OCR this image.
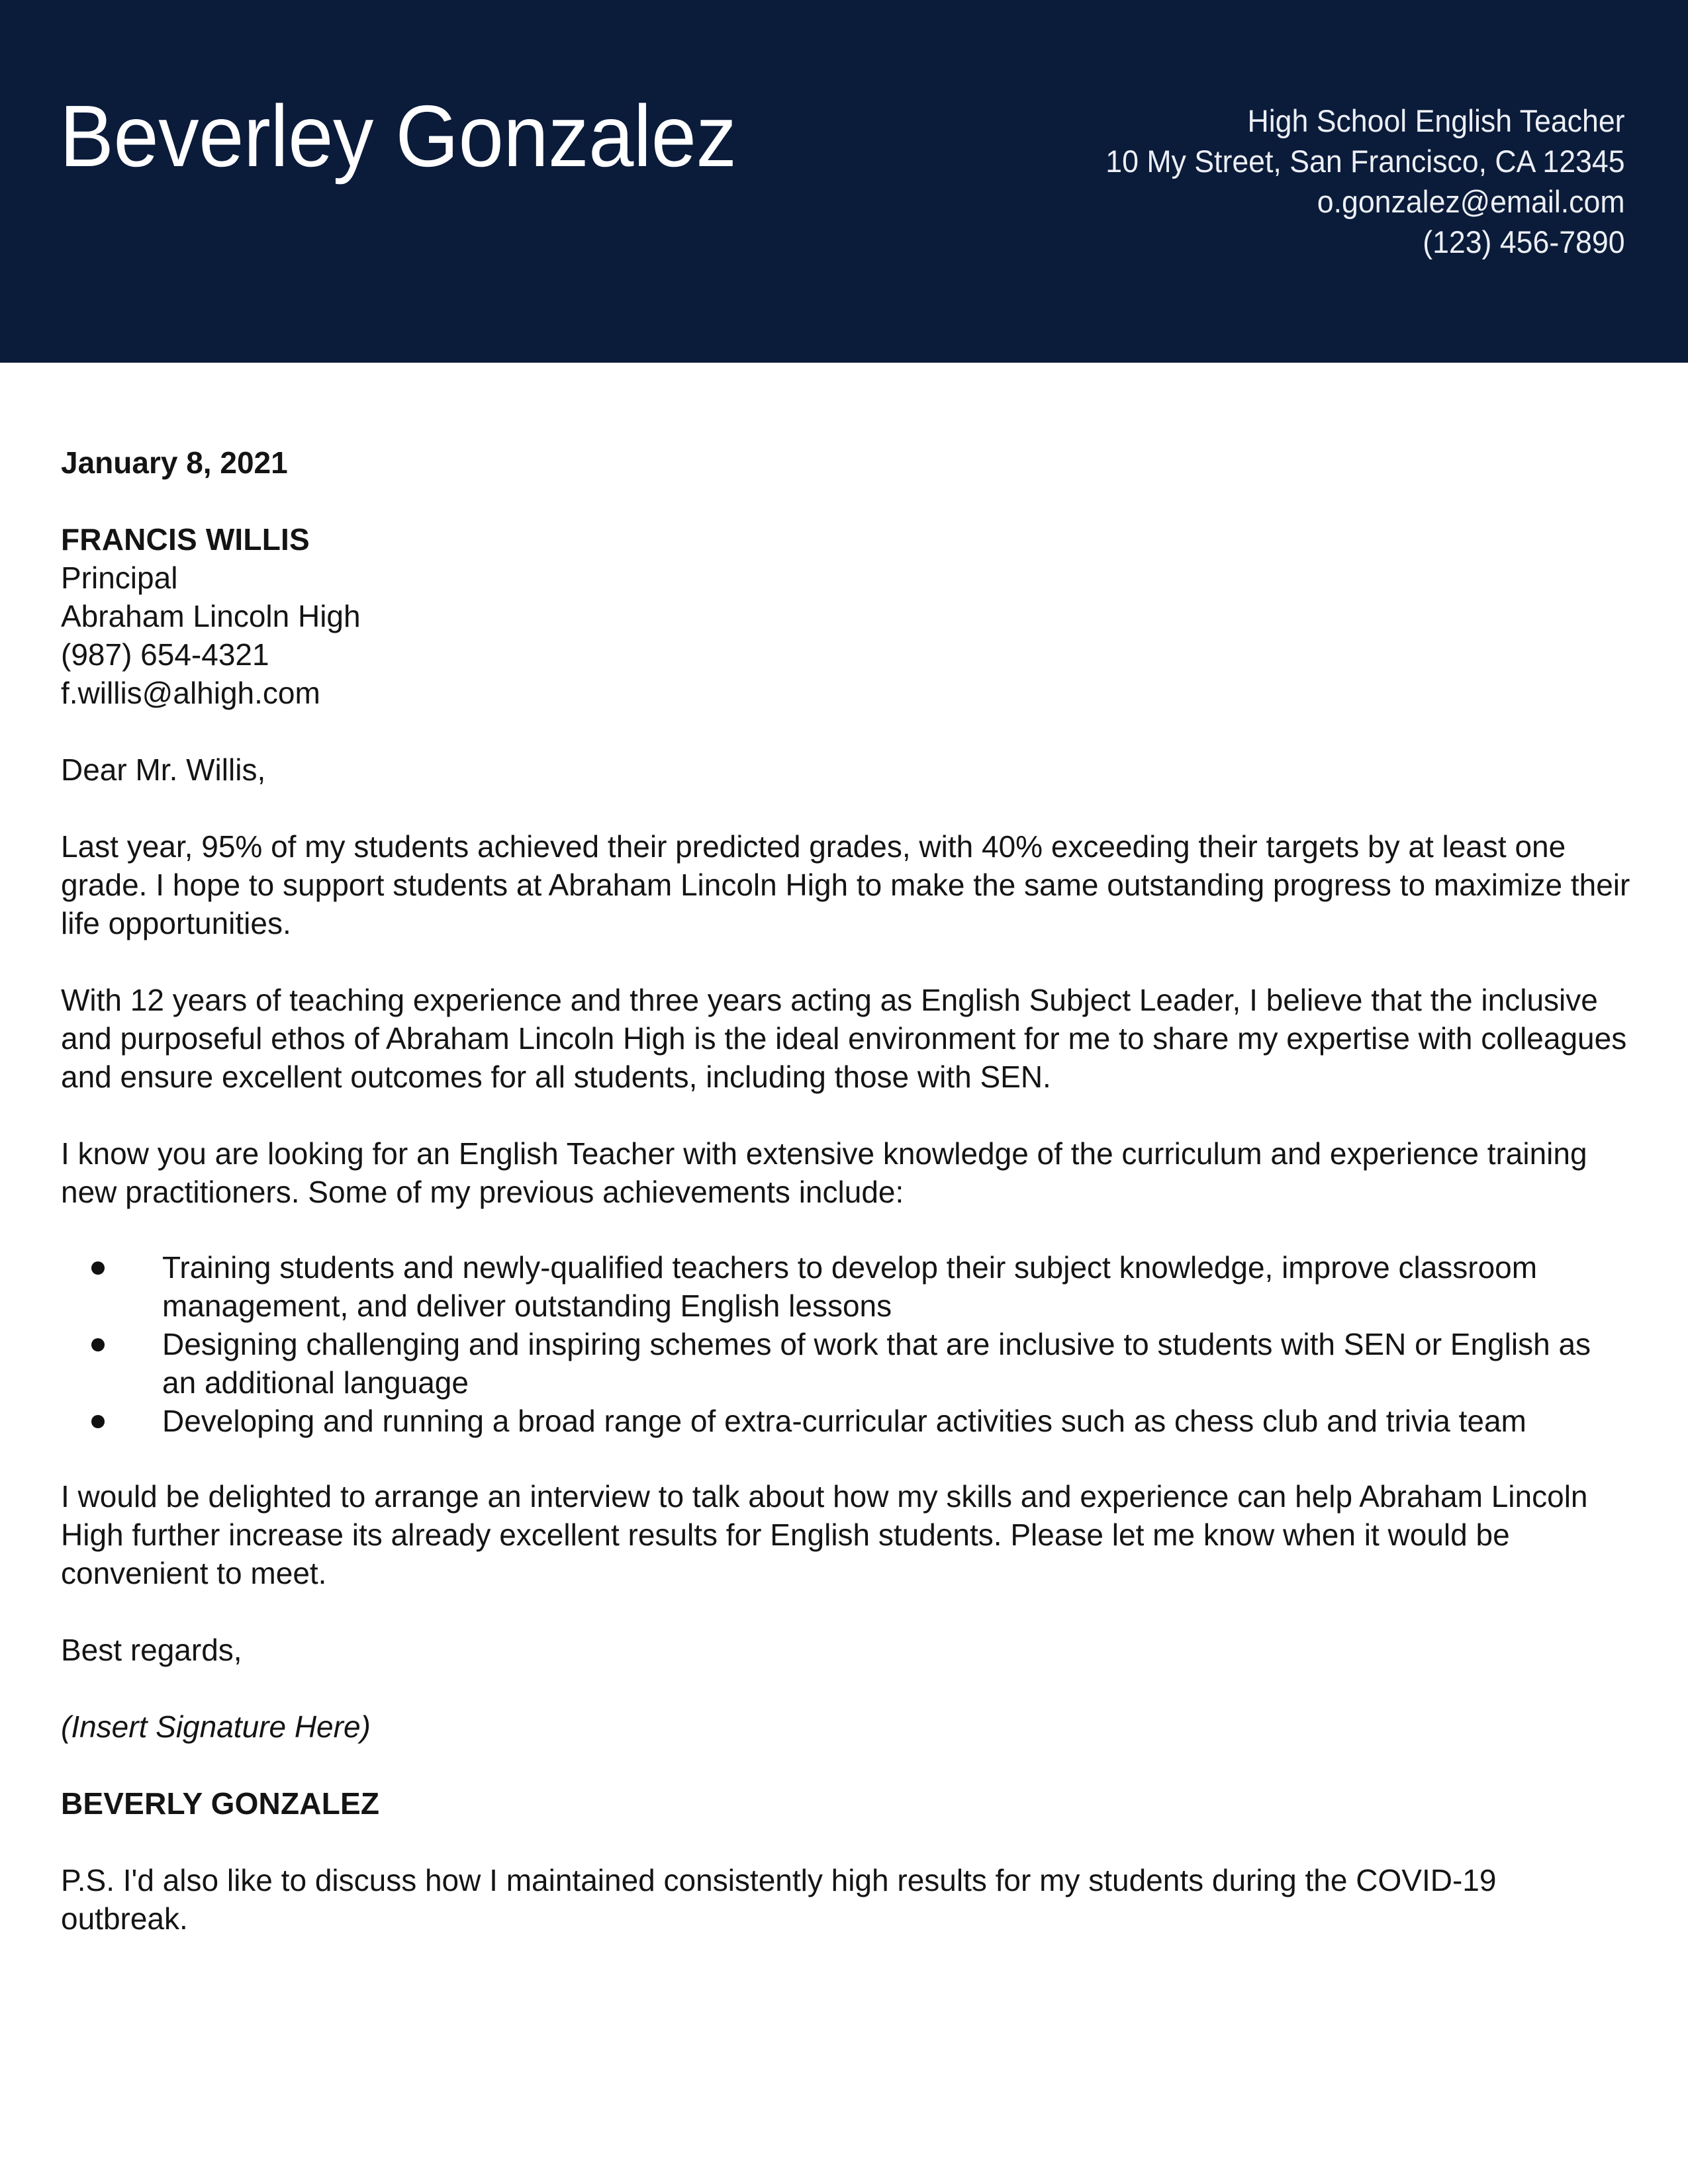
Beverley Gonzalez	High School English Teacher
10 My Street, San Francisco, CA 12345
o.gonzalez@email.com
(123) 456-7890
January 8, 2021
FRANCIS WILLIS
Principal
Abraham Lincoln High
(987) 654-4321
f.willis@alhigh.com
Dear Mr. Willis,

Last year, 95% of my students achieved their predicted grades, with 40% exceeding their targets by at least one grade. I hope to support students at Abraham Lincoln High to make the same outstanding progress to maximize their life opportunities.

With 12 years of teaching experience and three years acting as English Subject Leader, I believe that the inclusive and purposeful ethos of Abraham Lincoln High is the ideal environment for me to share my expertise with colleagues and ensure excellent outcomes for all students, including those with SEN.

I know you are looking for an English Teacher with extensive knowledge of the curriculum and experience training new practitioners. Some of my previous achievements include:

Training students and newly-qualified teachers to develop their subject knowledge, improve classroom management, and deliver outstanding English lessons
Designing challenging and inspiring schemes of work that are inclusive to students with SEN or English as an additional language
Developing and running a broad range of extra-curricular activities such as chess club and trivia team

I would be delighted to arrange an interview to talk about how my skills and experience can help Abraham Lincoln High further increase its already excellent results for English students. Please let me know when it would be convenient to meet.

Best regards,
(Insert Signature Here)
BEVERLY GONZALEZ
P.S. I'd also like to discuss how I maintained consistently high results for my students during the COVID-19 outbreak.
